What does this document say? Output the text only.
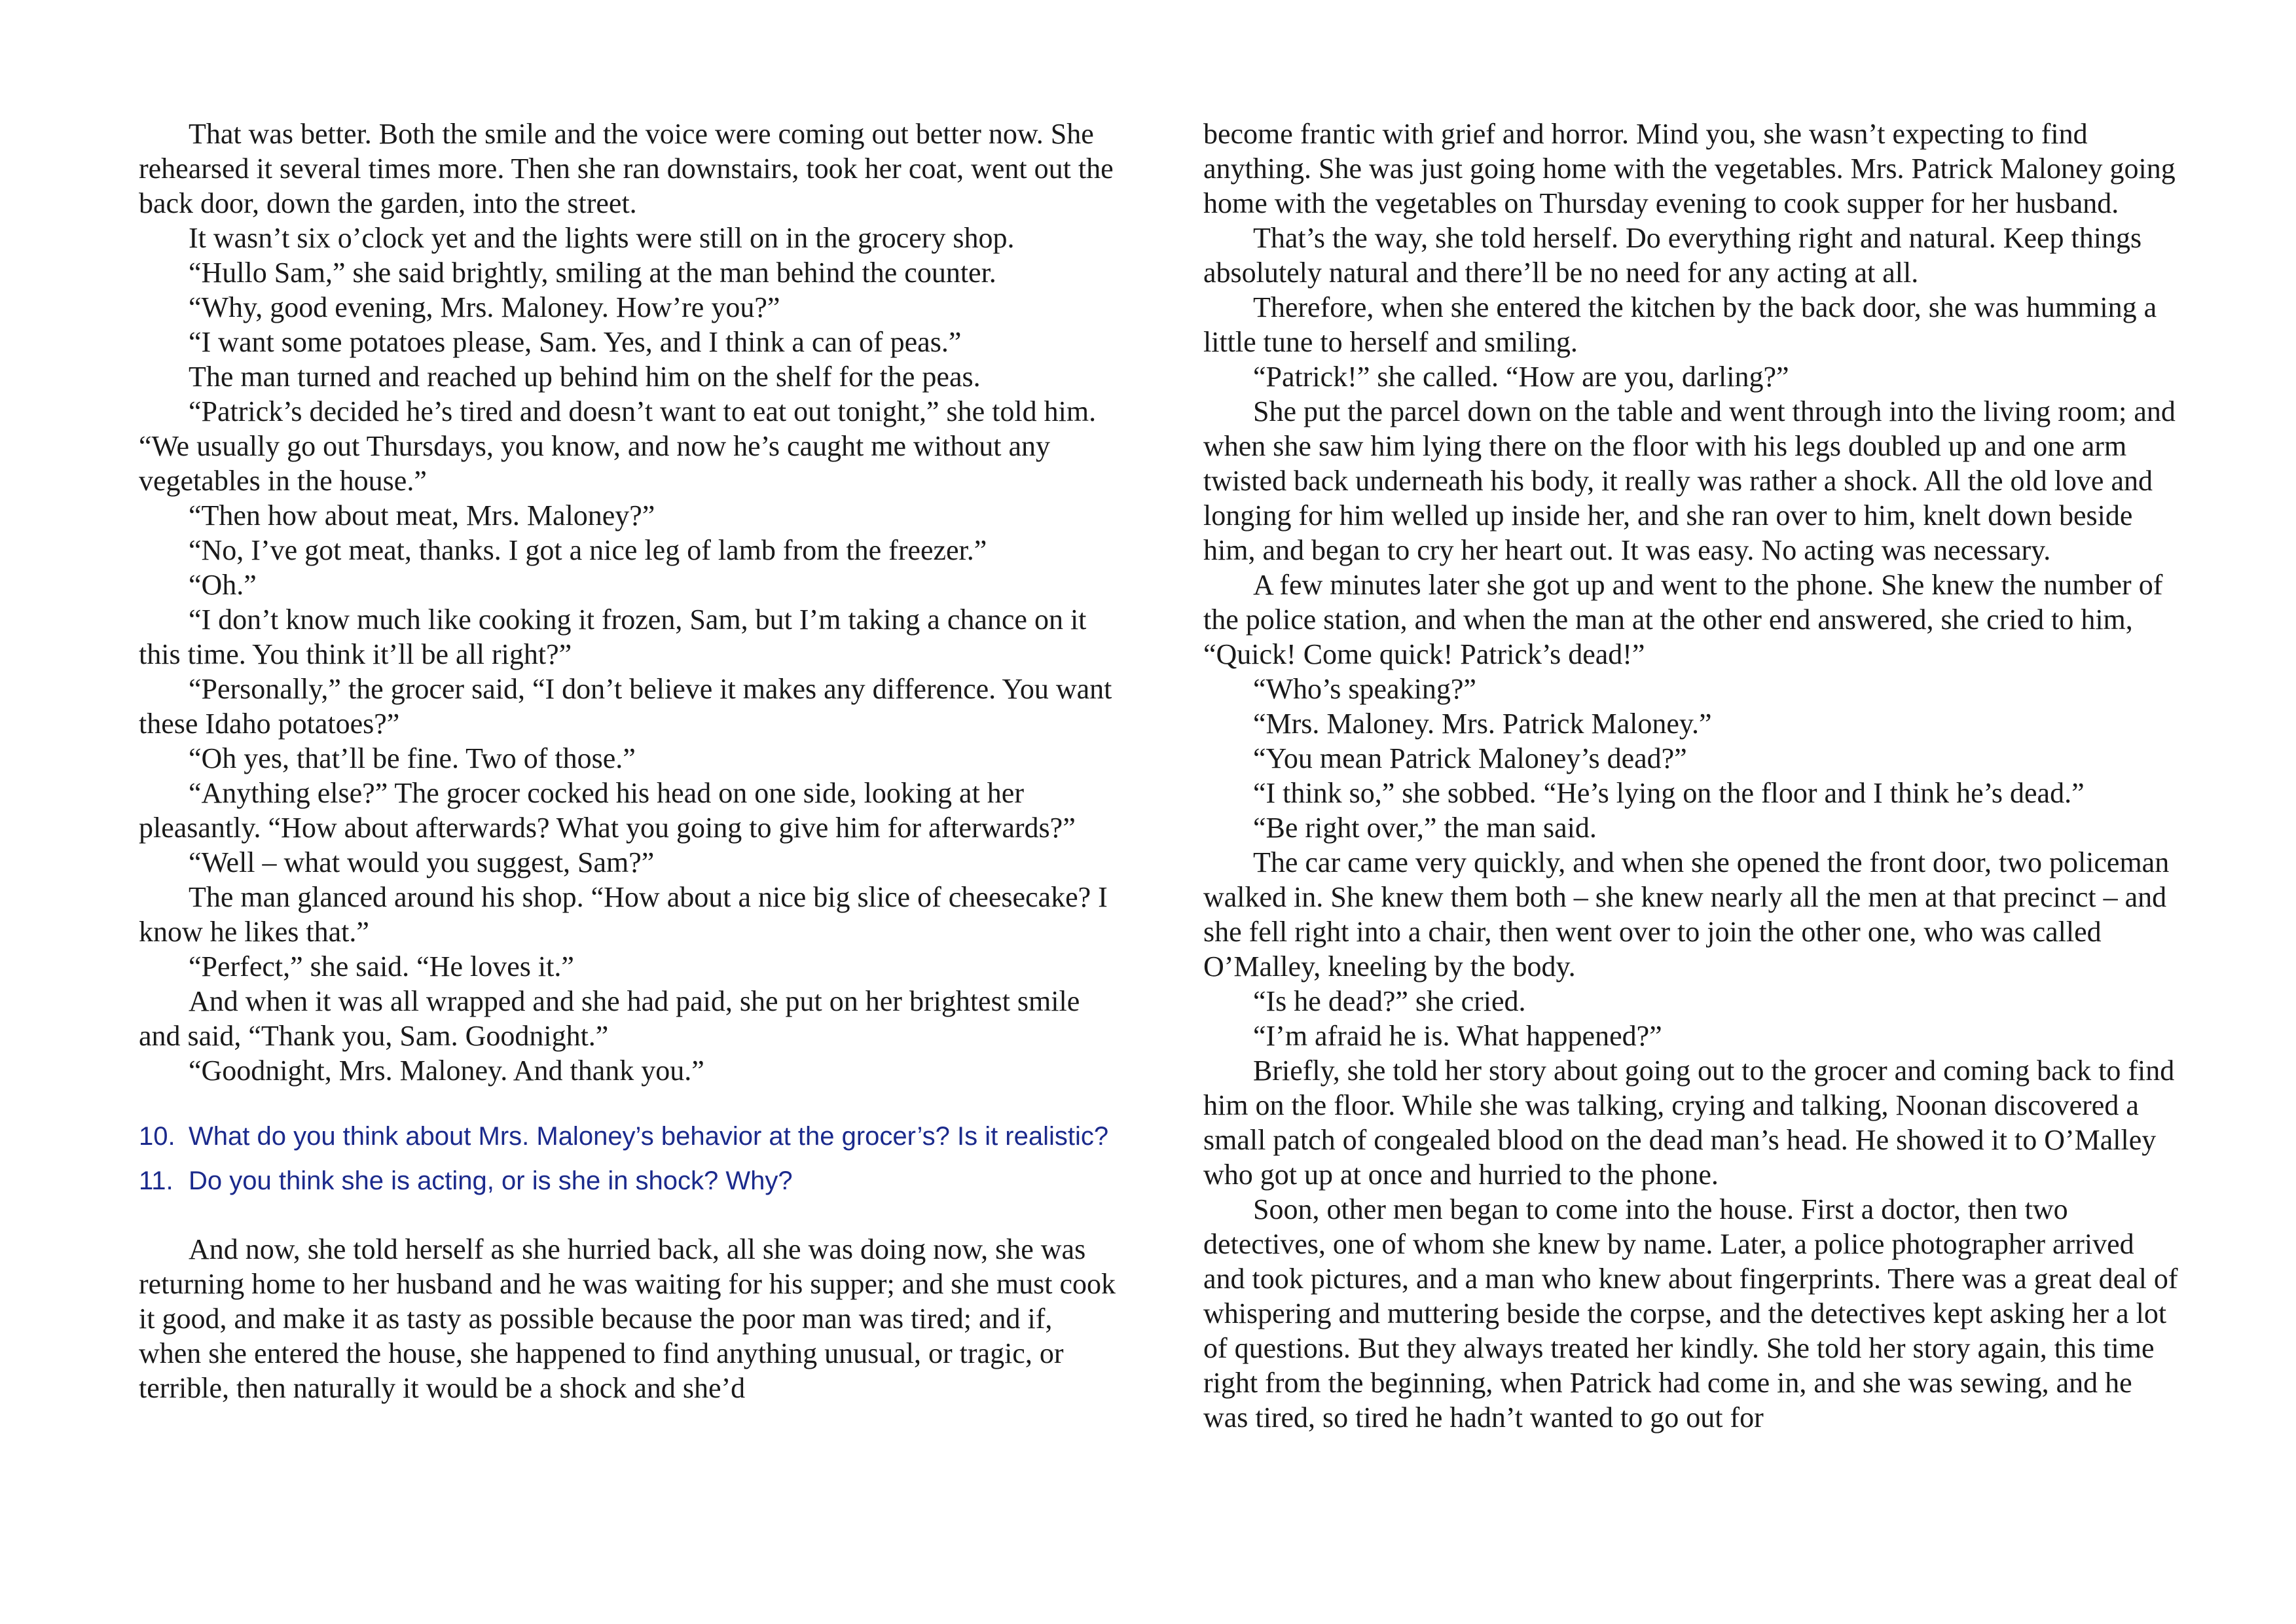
That was better. Both the smile and the voice were coming out better now. She rehearsed it several times more. Then she ran downstairs, took her coat, went out the back door, down the garden, into the street.

It wasn’t six o’clock yet and the lights were still on in the grocery shop.

“Hullo Sam,” she said brightly, smiling at the man behind the counter.

“Why, good evening, Mrs. Maloney. How’re you?”

“I want some potatoes please, Sam. Yes, and I think a can of peas.”

The man turned and reached up behind him on the shelf for the peas.

“Patrick’s decided he’s tired and doesn’t want to eat out tonight,” she told him. “We usually go out Thursdays, you know, and now he’s caught me without any vegetables in the house.”

“Then how about meat, Mrs. Maloney?”

“No, I’ve got meat, thanks. I got a nice leg of lamb from the freezer.”

“Oh.”

“I don’t know much like cooking it frozen, Sam, but I’m taking a chance on it this time. You think it’ll be all right?”

“Personally,” the grocer said, “I don’t believe it makes any difference. You want these Idaho potatoes?”

“Oh yes, that’ll be fine. Two of those.”

“Anything else?” The grocer cocked his head on one side, looking at her pleasantly. “How about afterwards? What you going to give him for afterwards?”

“Well – what would you suggest, Sam?”

The man glanced around his shop. “How about a nice big slice of cheesecake? I know he likes that.”

“Perfect,” she said. “He loves it.”

And when it was all wrapped and she had paid, she put on her brightest smile and said, “Thank you, Sam. Goodnight.”

“Goodnight, Mrs. Maloney. And thank you.”

10. What do you think about Mrs. Maloney’s behavior at the grocer’s? Is it realistic?
11. Do you think she is acting, or is she in shock? Why?

And now, she told herself as she hurried back, all she was doing now, she was returning home to her husband and he was waiting for his supper; and she must cook it good, and make it as tasty as possible because the poor man was tired; and if, when she entered the house, she happened to find anything unusual, or tragic, or terrible, then naturally it would be a shock and she’d

become frantic with grief and horror. Mind you, she wasn’t expecting to find anything. She was just going home with the vegetables. Mrs. Patrick Maloney going home with the vegetables on Thursday evening to cook supper for her husband.

That’s the way, she told herself. Do everything right and natural. Keep things absolutely natural and there’ll be no need for any acting at all.

Therefore, when she entered the kitchen by the back door, she was humming a little tune to herself and smiling.

“Patrick!” she called. “How are you, darling?”

She put the parcel down on the table and went through into the living room; and when she saw him lying there on the floor with his legs doubled up and one arm twisted back underneath his body, it really was rather a shock. All the old love and longing for him welled up inside her, and she ran over to him, knelt down beside him, and began to cry her heart out. It was easy. No acting was necessary.

A few minutes later she got up and went to the phone. She knew the number of the police station, and when the man at the other end answered, she cried to him, “Quick! Come quick! Patrick’s dead!”

“Who’s speaking?”

“Mrs. Maloney. Mrs. Patrick Maloney.”

“You mean Patrick Maloney’s dead?”

“I think so,” she sobbed. “He’s lying on the floor and I think he’s dead.”

“Be right over,” the man said.

The car came very quickly, and when she opened the front door, two policeman walked in. She knew them both – she knew nearly all the men at that precinct – and she fell right into a chair, then went over to join the other one, who was called O’Malley, kneeling by the body.

“Is he dead?” she cried.

“I’m afraid he is. What happened?”

Briefly, she told her story about going out to the grocer and coming back to find him on the floor. While she was talking, crying and talking, Noonan discovered a small patch of congealed blood on the dead man’s head. He showed it to O’Malley who got up at once and hurried to the phone.

Soon, other men began to come into the house. First a doctor, then two detectives, one of whom she knew by name. Later, a police photographer arrived and took pictures, and a man who knew about fingerprints. There was a great deal of whispering and muttering beside the corpse, and the detectives kept asking her a lot of questions. But they always treated her kindly. She told her story again, this time right from the beginning, when Patrick had come in, and she was sewing, and he was tired, so tired he hadn’t wanted to go out for
